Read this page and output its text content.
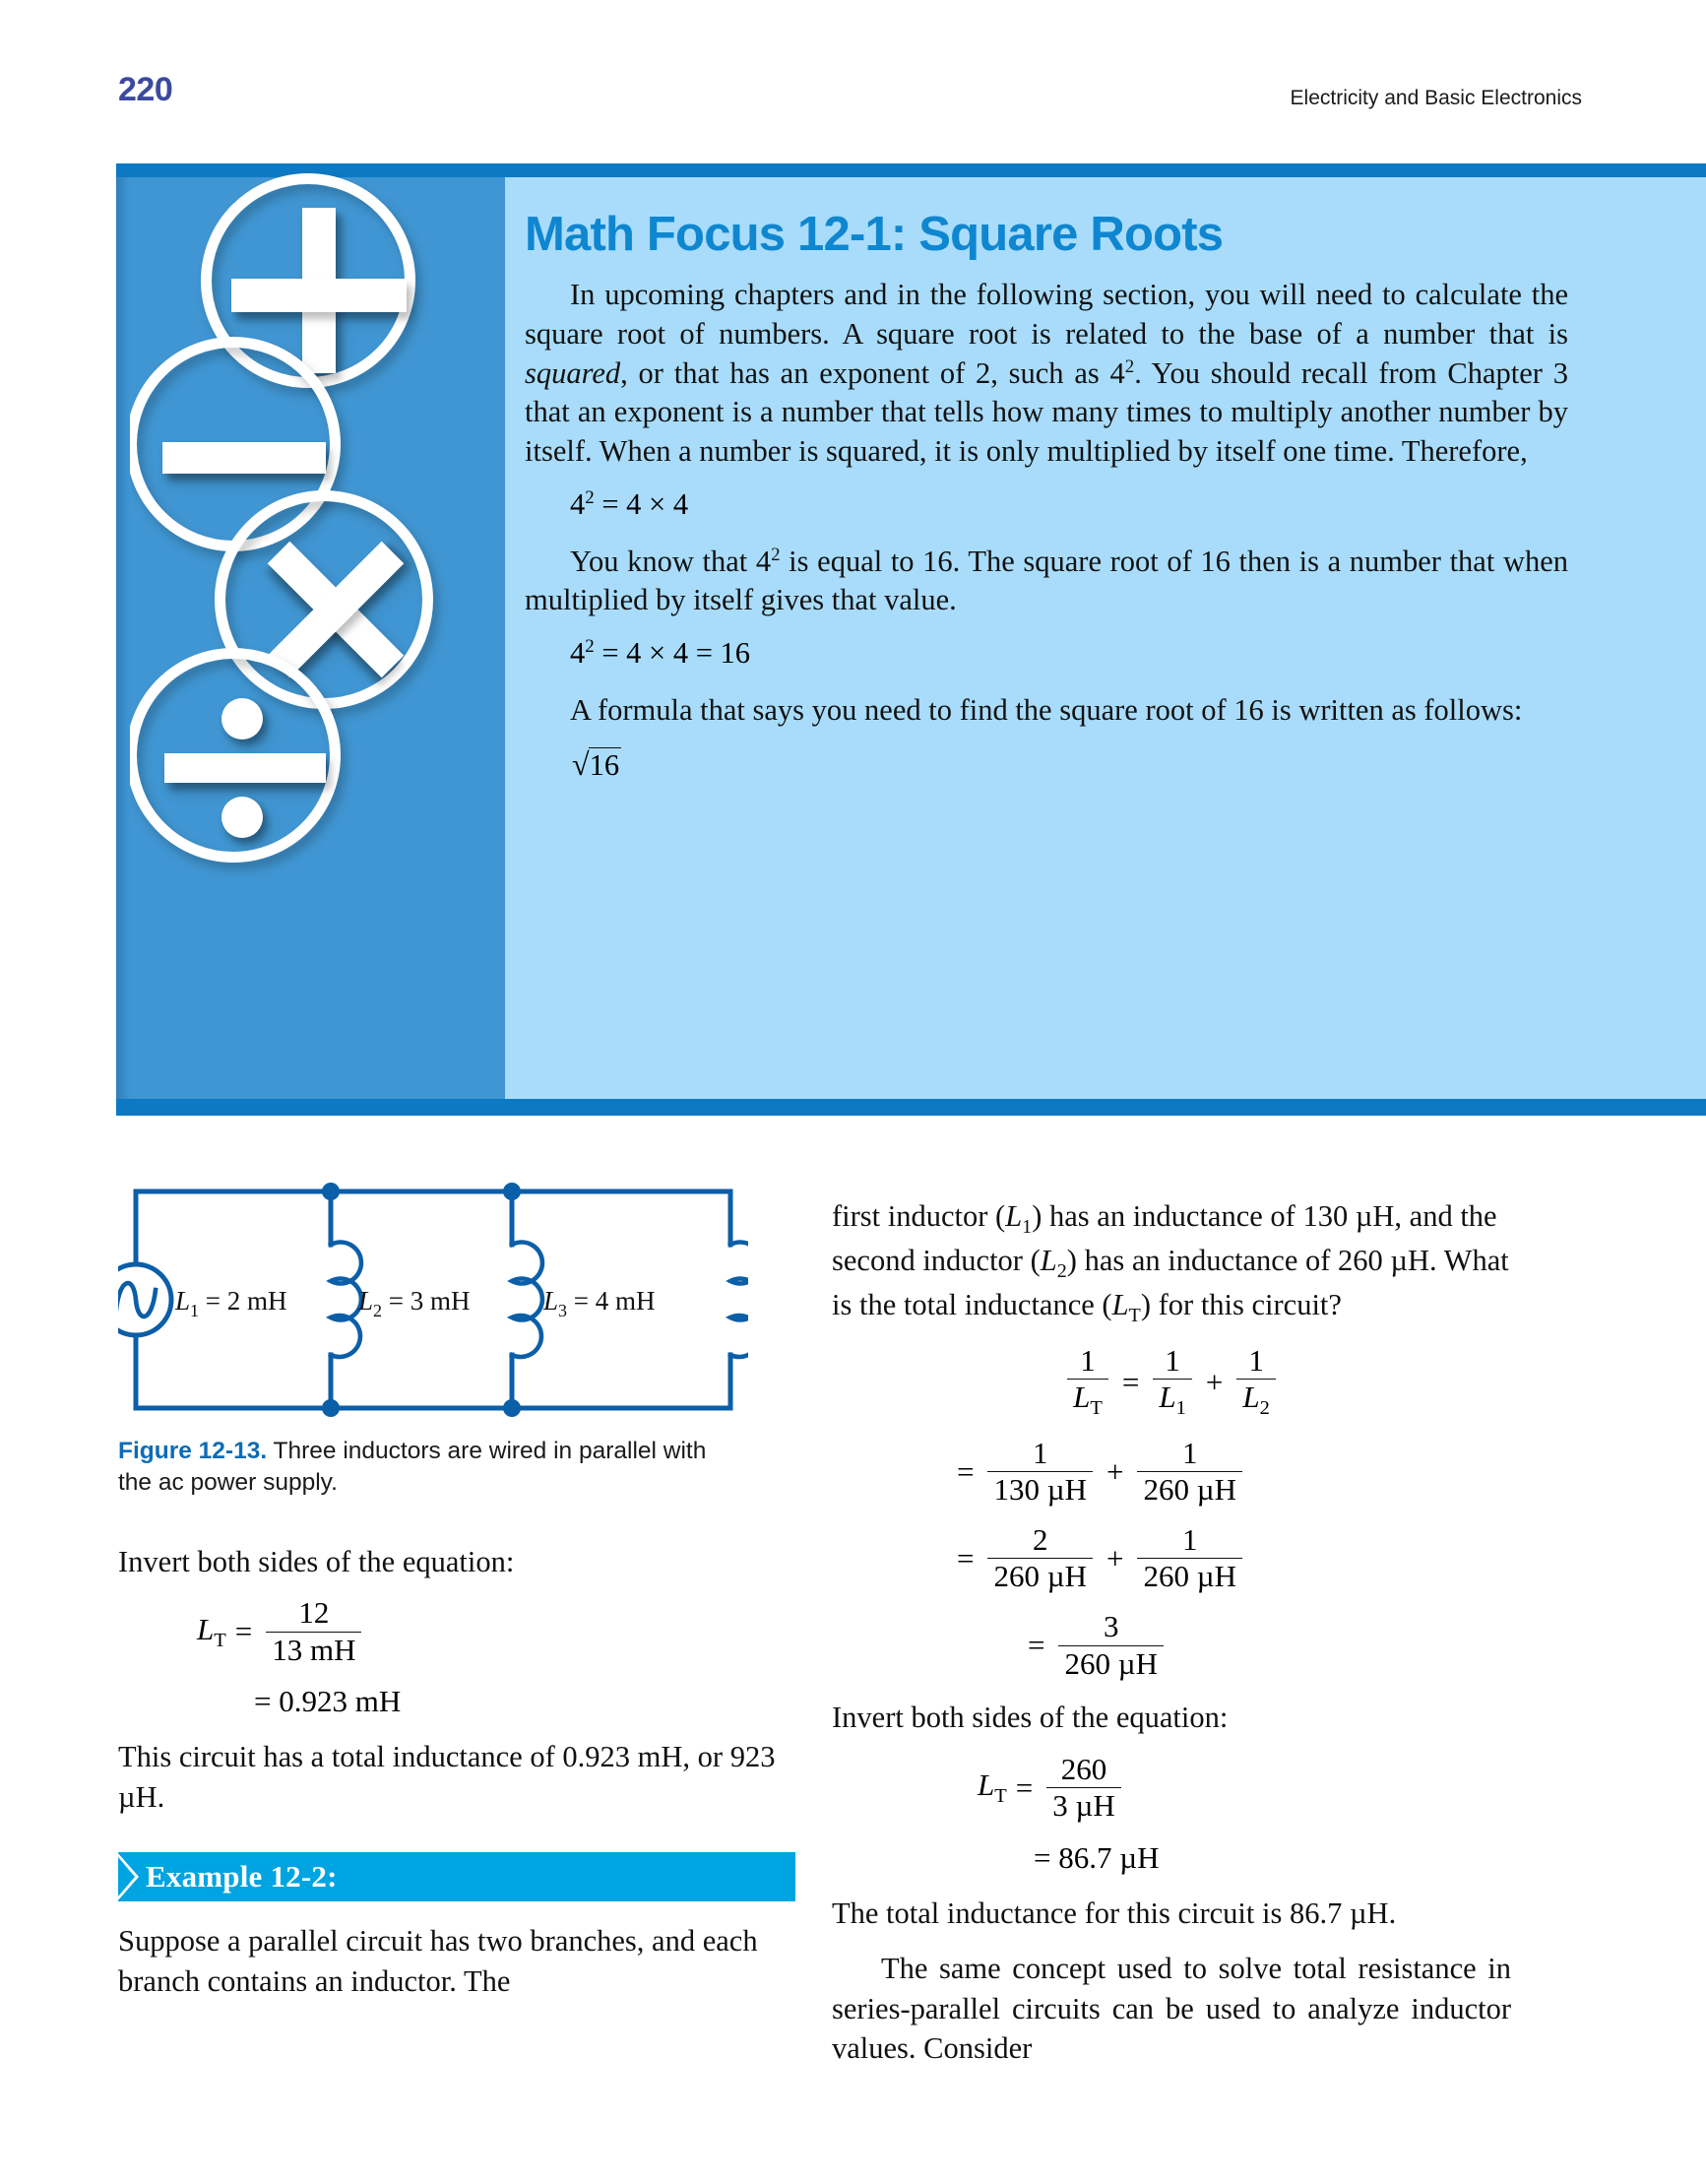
220	Electricity and Basic Electronics
Math Focus 12-1: Square Roots

In upcoming chapters and in the following section, you will need to calculate the square root of numbers. A square root is related to the base of a number that is squared, or that has an exponent of 2, such as $4^2$. You should recall from Chapter 3 that an exponent is a number that tells how many times to multiply another number by itself. When a number is squared, it is only multiplied by itself one time. Therefore,

$4^2 = 4 \times 4$

You know that $4^2$ is equal to 16. The square root of 16 then is a number that when multiplied by itself gives that value.

$4^2 = 4 \times 4 = 16$

A formula that says you need to find the square root of 16 is written as follows:

√16
$L_1 = 2$ mH	$L_2 = 3$ mH	$L_3 = 4$ mH

Figure 12-13. Three inductors are wired in parallel with the ac power supply.

Invert both sides of the equation:

$L_T = \frac{12}{13 mH}$
= 0.923 mH

This circuit has a total inductance of 0.923 mH, or 923 µH.

Example 12-2:

Suppose a parallel circuit has two branches, and each branch contains an inductor. The

first inductor $(L_1)$ has an inductance of 130 µH, and the second inductor $(L_2)$ has an inductance of 260 µH. What is the total inductance $(L_T)$ for this circuit?

$\frac{1}{L_T} = \frac{1}{L_1} + \frac{1}{L_2}$
= $\frac{1}{\text{130 µH}} + \frac{1}{\text{260 µH}}$
= $\frac{2}{\text{260 µH}} + \frac{1}{\text{260 µH}}$
= $\frac{3}{\text{260 µH}}$

Invert both sides of the equation:

$L_T = \frac{260}{\text{3 µH}}$
= 86.7 µH

The total inductance for this circuit is 86.7 µH.

The same concept used to solve total resistance in series-parallel circuits can be used to analyze inductor values. Consider
